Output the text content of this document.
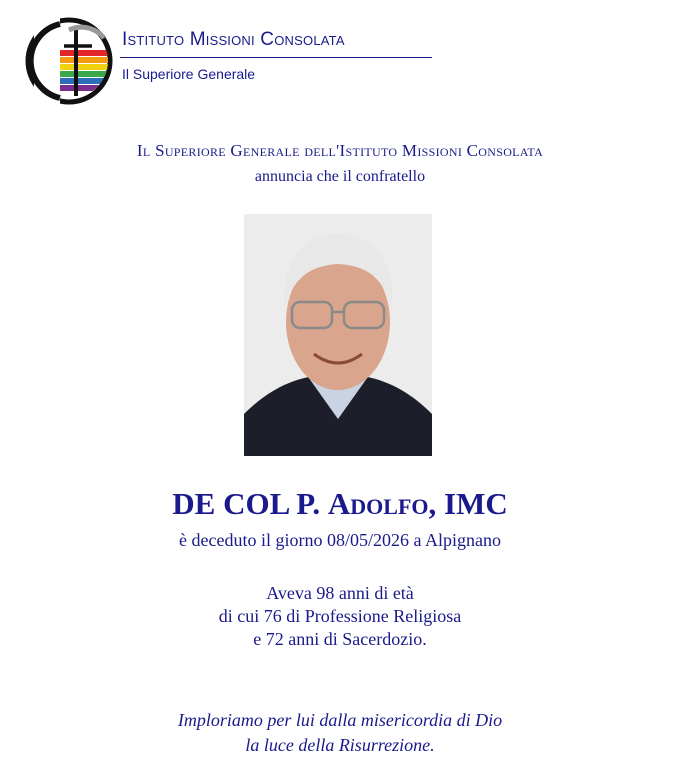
Istituto Missioni Consolata
Il Superiore Generale
Il Superiore Generale dell'Istituto Missioni Consolata
annuncia che il confratello
DE COL P. Adolfo, IMC
è deceduto il giorno 08/05/2026 a Alpignano
Aveva 98 anni di età
di cui 76 di Professione Religiosa
e 72 anni di Sacerdozio.
Imploriamo per lui dalla misericordia di Dio
la luce della Risurrezione.
